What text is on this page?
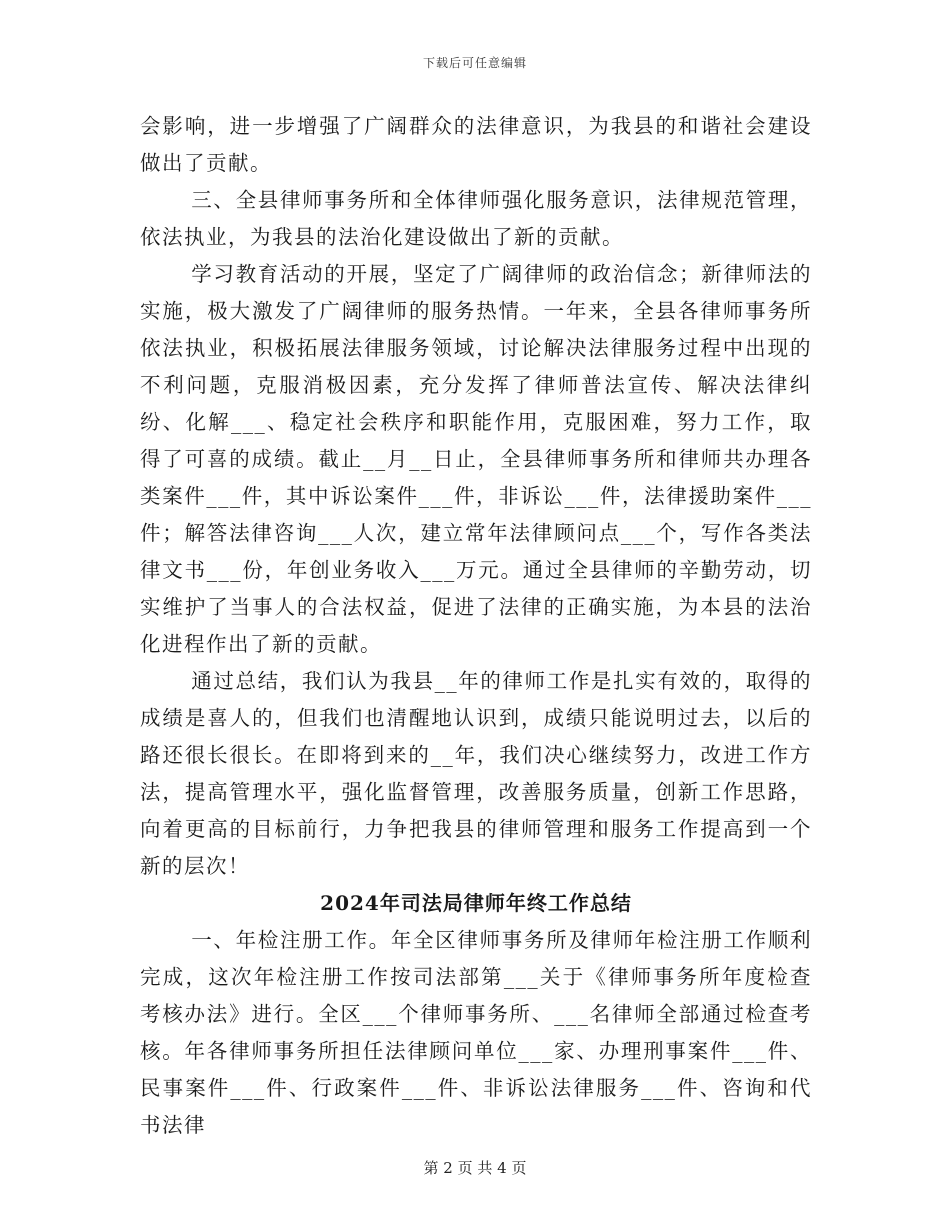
下载后可任意编辑

会影响，进一步增强了广阔群众的法律意识，为我县的和谐社会建设做出了贡献。

三、全县律师事务所和全体律师强化服务意识，法律规范管理，依法执业，为我县的法治化建设做出了新的贡献。

学习教育活动的开展，坚定了广阔律师的政治信念；新律师法的实施，极大激发了广阔律师的服务热情。一年来，全县各律师事务所依法执业，积极拓展法律服务领域，讨论解决法律服务过程中出现的不利问题，克服消极因素，充分发挥了律师普法宣传、解决法律纠纷、化解___、稳定社会秩序和职能作用，克服困难，努力工作，取得了可喜的成绩。截止__月__日止，全县律师事务所和律师共办理各类案件___件，其中诉讼案件___件，非诉讼___件，法律援助案件___件；解答法律咨询___人次，建立常年法律顾问点___个，写作各类法律文书___份，年创业务收入___万元。通过全县律师的辛勤劳动，切实维护了当事人的合法权益，促进了法律的正确实施，为本县的法治化进程作出了新的贡献。

通过总结，我们认为我县__年的律师工作是扎实有效的，取得的成绩是喜人的，但我们也清醒地认识到，成绩只能说明过去，以后的路还很长很长。在即将到来的__年，我们决心继续努力，改进工作方法，提高管理水平，强化监督管理，改善服务质量，创新工作思路，向着更高的目标前行，力争把我县的律师管理和服务工作提高到一个新的层次！

2024年司法局律师年终工作总结

一、年检注册工作。年全区律师事务所及律师年检注册工作顺利完成，这次年检注册工作按司法部第___关于《律师事务所年度检查考核办法》进行。全区___个律师事务所、___名律师全部通过检查考核。年各律师事务所担任法律顾问单位___家、办理刑事案件___件、民事案件___件、行政案件___件、非诉讼法律服务___件、咨询和代书法律

第 2 页 共 4 页
